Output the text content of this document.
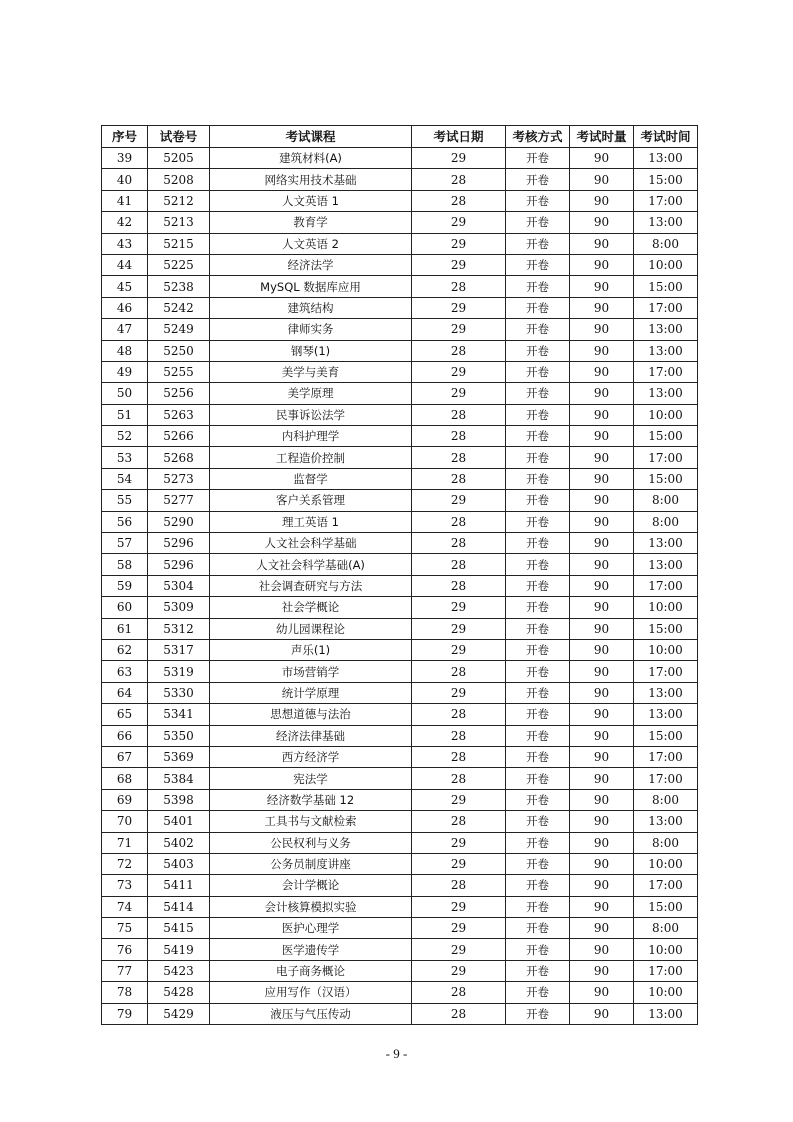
序号	试卷号	考试课程	考试日期	考核方式	考试时量	考试时间
39	5205	建筑材料(A)	29	开卷	90	13:00
40	5208	网络实用技术基础	28	开卷	90	15:00
41	5212	人文英语 1	28	开卷	90	17:00
42	5213	教育学	29	开卷	90	13:00
43	5215	人文英语 2	29	开卷	90	8:00
44	5225	经济法学	29	开卷	90	10:00
45	5238	MySQL 数据库应用	28	开卷	90	15:00
46	5242	建筑结构	29	开卷	90	17:00
47	5249	律师实务	29	开卷	90	13:00
48	5250	钢琴(1)	28	开卷	90	13:00
49	5255	美学与美育	29	开卷	90	17:00
50	5256	美学原理	29	开卷	90	13:00
51	5263	民事诉讼法学	28	开卷	90	10:00
52	5266	内科护理学	28	开卷	90	15:00
53	5268	工程造价控制	28	开卷	90	17:00
54	5273	监督学	28	开卷	90	15:00
55	5277	客户关系管理	29	开卷	90	8:00
56	5290	理工英语 1	28	开卷	90	8:00
57	5296	人文社会科学基础	28	开卷	90	13:00
58	5296	人文社会科学基础(A)	28	开卷	90	13:00
59	5304	社会调查研究与方法	28	开卷	90	17:00
60	5309	社会学概论	29	开卷	90	10:00
61	5312	幼儿园课程论	29	开卷	90	15:00
62	5317	声乐(1)	29	开卷	90	10:00
63	5319	市场营销学	28	开卷	90	17:00
64	5330	统计学原理	29	开卷	90	13:00
65	5341	思想道德与法治	28	开卷	90	13:00
66	5350	经济法律基础	28	开卷	90	15:00
67	5369	西方经济学	28	开卷	90	17:00
68	5384	宪法学	28	开卷	90	17:00
69	5398	经济数学基础 12	29	开卷	90	8:00
70	5401	工具书与文献检索	28	开卷	90	13:00
71	5402	公民权利与义务	29	开卷	90	8:00
72	5403	公务员制度讲座	29	开卷	90	10:00
73	5411	会计学概论	28	开卷	90	17:00
74	5414	会计核算模拟实验	29	开卷	90	15:00
75	5415	医护心理学	29	开卷	90	8:00
76	5419	医学遗传学	29	开卷	90	10:00
77	5423	电子商务概论	29	开卷	90	17:00
78	5428	应用写作（汉语）	28	开卷	90	10:00
79	5429	液压与气压传动	28	开卷	90	13:00
- 9 -
